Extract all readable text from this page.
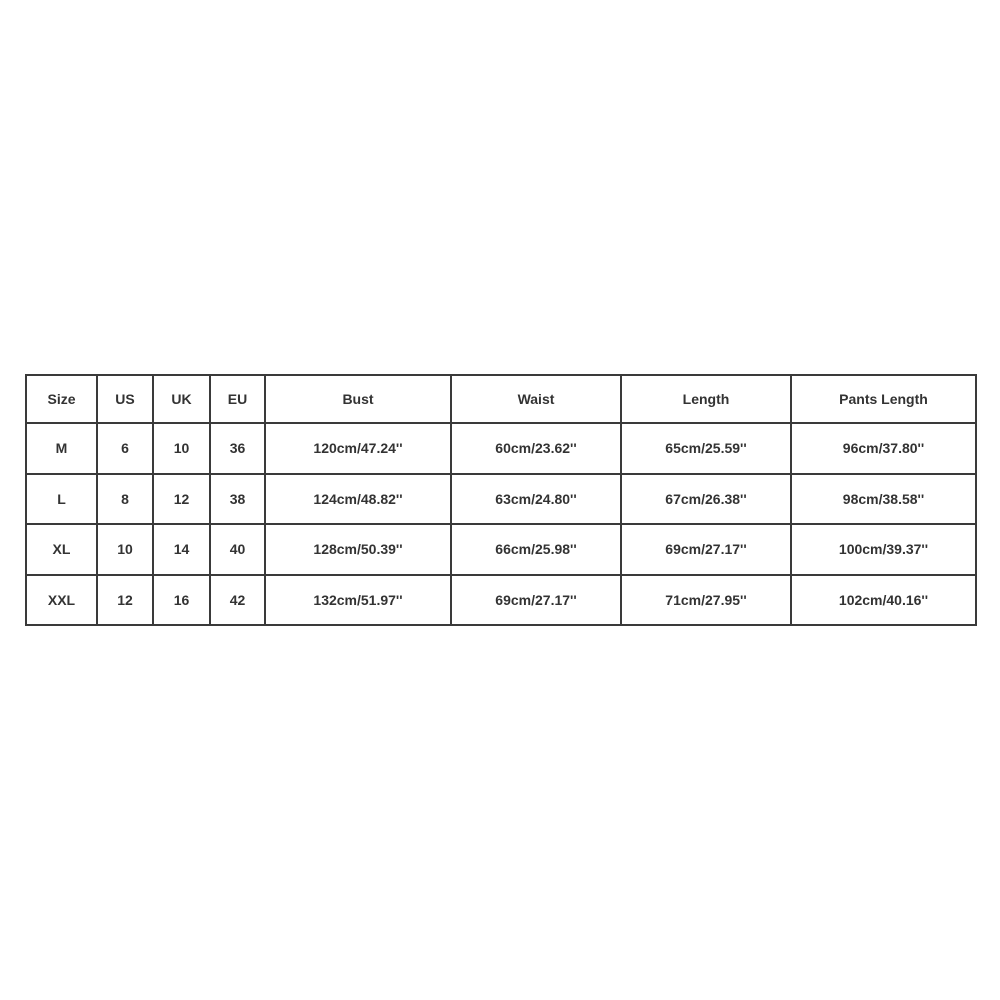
Size	US	UK	EU	Bust	Waist	Length	Pants Length
M	6	10	36	120cm/47.24''	60cm/23.62''	65cm/25.59''	96cm/37.80''
L	8	12	38	124cm/48.82''	63cm/24.80''	67cm/26.38''	98cm/38.58''
XL	10	14	40	128cm/50.39''	66cm/25.98''	69cm/27.17''	100cm/39.37''
XXL	12	16	42	132cm/51.97''	69cm/27.17''	71cm/27.95''	102cm/40.16''
